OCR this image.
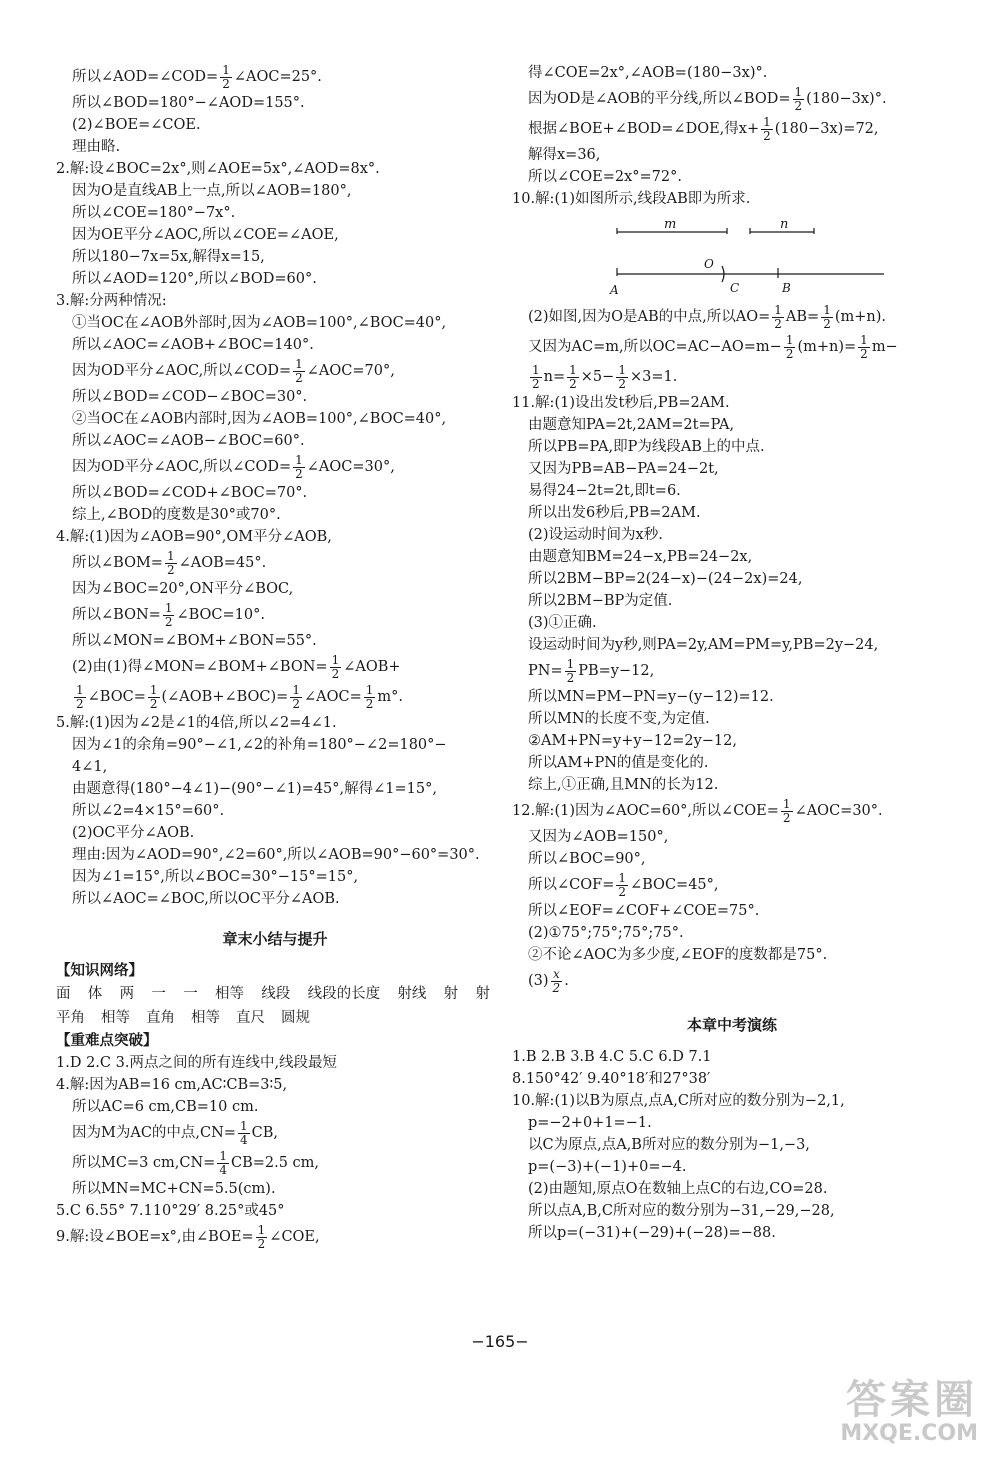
所以∠AOD=∠COD= $\frac{1}{2}$ ∠AOC=25°.
所以∠BOD=180°−∠AOD=155°.
(2)∠BOE=∠COE.
理由略.
2.解:设∠BOC=2x°,则∠AOE=5x°,∠AOD=8x°.
因为O是直线AB上一点,所以∠AOB=180°,
所以∠COE=180°−7x°.
因为OE平分∠AOC,所以∠COE=∠AOE,
所以180−7x=5x,解得x=15,
所以∠AOD=120°,所以∠BOD=60°.
3.解:分两种情况:
①当OC在∠AOB外部时,因为∠AOB=100°,∠BOC=40°,
所以∠AOC=∠AOB+∠BOC=140°.
因为OD平分∠AOC,所以∠COD= $\frac{1}{2}$ ∠AOC=70°,
所以∠BOD=∠COD−∠BOC=30°.
②当OC在∠AOB内部时,因为∠AOB=100°,∠BOC=40°,
所以∠AOC=∠AOB−∠BOC=60°.
因为OD平分∠AOC,所以∠COD= $\frac{1}{2}$ ∠AOC=30°,
所以∠BOD=∠COD+∠BOC=70°.
综上,∠BOD的度数是30°或70°.
4.解:(1)因为∠AOB=90°,OM平分∠AOB,
所以∠BOM= $\frac{1}{2}$ ∠AOB=45°.
因为∠BOC=20°,ON平分∠BOC,
所以∠BON= $\frac{1}{2}$ ∠BOC=10°.
所以∠MON=∠BOM+∠BON=55°.
(2)由(1)得∠MON=∠BOM+∠BON= $\frac{1}{2}$ ∠AOB+
$\frac{1}{2}$ ∠BOC= $\frac{1}{2}$ (∠AOB+∠BOC)= $\frac{1}{2}$ ∠AOC= $\frac{1}{2} m^\circ$.
5.解:(1)因为∠2是∠1的4倍,所以∠2=4∠1.
因为∠1的余角=90°−∠1,∠2的补角=180°−∠2=180°−
4∠1,
由题意得(180°−4∠1)−(90°−∠1)=45°,解得∠1=15°,
所以∠2=4×15°=60°.
(2)OC平分∠AOB.
理由:因为∠AOD=90°,∠2=60°,所以∠AOB=90°−60°=30°.
因为∠1=15°,所以∠BOC=30°−15°=15°,
所以∠AOC=∠BOC,所以OC平分∠AOB.
章末小结与提升
【知识网络】
面 体 两 一 一 相等 线段 线段的长度 射线 射 射
平角 相等 直角 相等 直尺 圆规
【重难点突破】
1.D 2.C 3.两点之间的所有连线中,线段最短
4.解:因为AB=16 cm,AC∶CB=3∶5,
所以AC=6 cm,CB=10 cm.
因为M为AC的中点$,CN= \frac{1}{4}$ CB,
所以MC=3 $cm,CN= \frac{1}{4} CB=2.5$ cm,
所以MN=MC+CN=5.5(cm).
5.C 6.55° 7.110°29′ 8.25°或45°
9.解:设∠BOE=x°,由∠BOE= $\frac{1}{2}$ ∠COE,
得∠COE=2x°,∠AOB=(180−3x)°.
因为OD是∠AOB的平分线,所以∠BOD= $\frac{1}{2} (180-3x)^\circ$.
根据∠BOE+∠BOD=∠DOE,得$x+ \frac{1}{2} (180-3x)=72$,
解得x=36,
所以∠COE=2x°=72°.
10.解:(1)如图所示,线段AB即为所求.
m	n
A
O
C	B
(2)如图,因为O是AB的中点,所以$AO= \frac{1}{2} AB= \frac{1}{2} (m+n)$.
又因为AC=m,所以$OC=AC-AO=m- \frac{1}{2} (m+n)= \frac{1}{2} m-$
$\frac{1}{2} n= \frac{1}{2} \times 5- \frac{1}{2} \times 3=1$.
11.解:(1)设出发t秒后,PB=2AM.
由题意知PA=2t,2AM=2t=PA,
所以PB=PA,即P为线段AB上的中点.
又因为PB=AB−PA=24−2t,
易得24−2t=2t,即t=6.
所以出发6秒后,PB=2AM.
(2)设运动时间为x秒.
由题意知BM=24−x,PB=24−2x,
所以2BM−BP=2(24−x)−(24−2x)=24,
所以2BM−BP为定值.
(3)①正确.
设运动时间为y秒,则PA=2y,AM=PM=y,PB=2y−24,
$PN= \frac{1}{2} PB=y-12$,
所以MN=PM−PN=y−(y−12)=12.
所以MN的长度不变,为定值.
②AM+PN=y+y−12=2y−12,
所以AM+PN的值是变化的.
综上,①正确,且MN的长为12.
12.解:(1)因为∠AOC=60°,所以∠COE= $\frac{1}{2}$ ∠AOC=30°.
又因为∠AOB=150°,
所以∠BOC=90°,
所以∠COF= $\frac{1}{2}$ ∠BOC=45°,
所以∠EOF=∠COF+∠COE=75°.
(2)①75°;75°;75°;75°.
②不论∠AOC为多少度,∠EOF的度数都是75°.
$(3) \frac{x}{2}$ .
本章中考演练
1.B 2.B 3.B 4.C 5.C 6.D 7.1
8.150°42′ 9.40°18′和27°38′
10.解:(1)以B为原点,点A,C所对应的数分别为−2,1,
p=−2+0+1=−1.
以C为原点,点A,B所对应的数分别为−1,−3,
p=(−3)+(−1)+0=−4.
(2)由题知,原点O在数轴上点C的右边,CO=28.
所以点A,B,C所对应的数分别为−31,−29,−28,
所以p=(−31)+(−29)+(−28)=−88.
−165−
答案圈
MXQE.COM
